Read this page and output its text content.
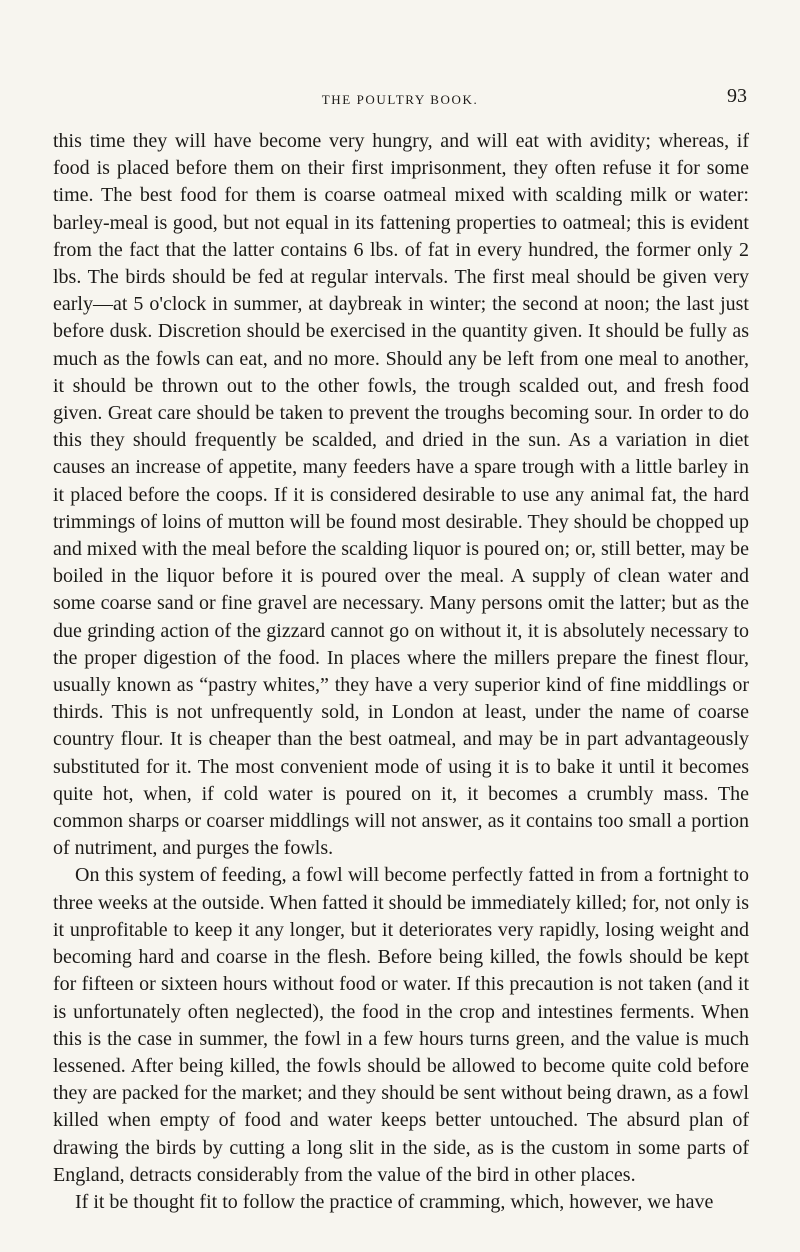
THE POULTRY BOOK.	93

this time they will have become very hungry, and will eat with avidity; whereas, if food is placed before them on their first imprisonment, they often refuse it for some time. The best food for them is coarse oatmeal mixed with scalding milk or water: barley-meal is good, but not equal in its fattening properties to oatmeal; this is evident from the fact that the latter contains 6 lbs. of fat in every hundred, the former only 2 lbs. The birds should be fed at regular intervals. The first meal should be given very early—at 5 o'clock in summer, at daybreak in winter; the second at noon; the last just before dusk. Discretion should be exercised in the quantity given. It should be fully as much as the fowls can eat, and no more. Should any be left from one meal to another, it should be thrown out to the other fowls, the trough scalded out, and fresh food given. Great care should be taken to prevent the troughs becoming sour. In order to do this they should frequently be scalded, and dried in the sun. As a variation in diet causes an increase of appetite, many feeders have a spare trough with a little barley in it placed before the coops. If it is considered desirable to use any animal fat, the hard trimmings of loins of mutton will be found most desirable. They should be chopped up and mixed with the meal before the scalding liquor is poured on; or, still better, may be boiled in the liquor before it is poured over the meal. A supply of clean water and some coarse sand or fine gravel are necessary. Many persons omit the latter; but as the due grinding action of the gizzard cannot go on without it, it is absolutely necessary to the proper digestion of the food. In places where the millers prepare the finest flour, usually known as “pastry whites,” they have a very superior kind of fine middlings or thirds. This is not unfrequently sold, in London at least, under the name of coarse country flour. It is cheaper than the best oatmeal, and may be in part advantageously substituted for it. The most convenient mode of using it is to bake it until it becomes quite hot, when, if cold water is poured on it, it becomes a crumbly mass. The common sharps or coarser middlings will not answer, as it contains too small a portion of nutriment, and purges the fowls.

On this system of feeding, a fowl will become perfectly fatted in from a fortnight to three weeks at the outside. When fatted it should be immediately killed; for, not only is it unprofitable to keep it any longer, but it deteriorates very rapidly, losing weight and becoming hard and coarse in the flesh. Before being killed, the fowls should be kept for fifteen or sixteen hours without food or water. If this precaution is not taken (and it is unfortunately often neglected), the food in the crop and intestines ferments. When this is the case in summer, the fowl in a few hours turns green, and the value is much lessened. After being killed, the fowls should be allowed to become quite cold before they are packed for the market; and they should be sent without being drawn, as a fowl killed when empty of food and water keeps better untouched. The absurd plan of drawing the birds by cutting a long slit in the side, as is the custom in some parts of England, detracts considerably from the value of the bird in other places.

If it be thought fit to follow the practice of cramming, which, however, we have
